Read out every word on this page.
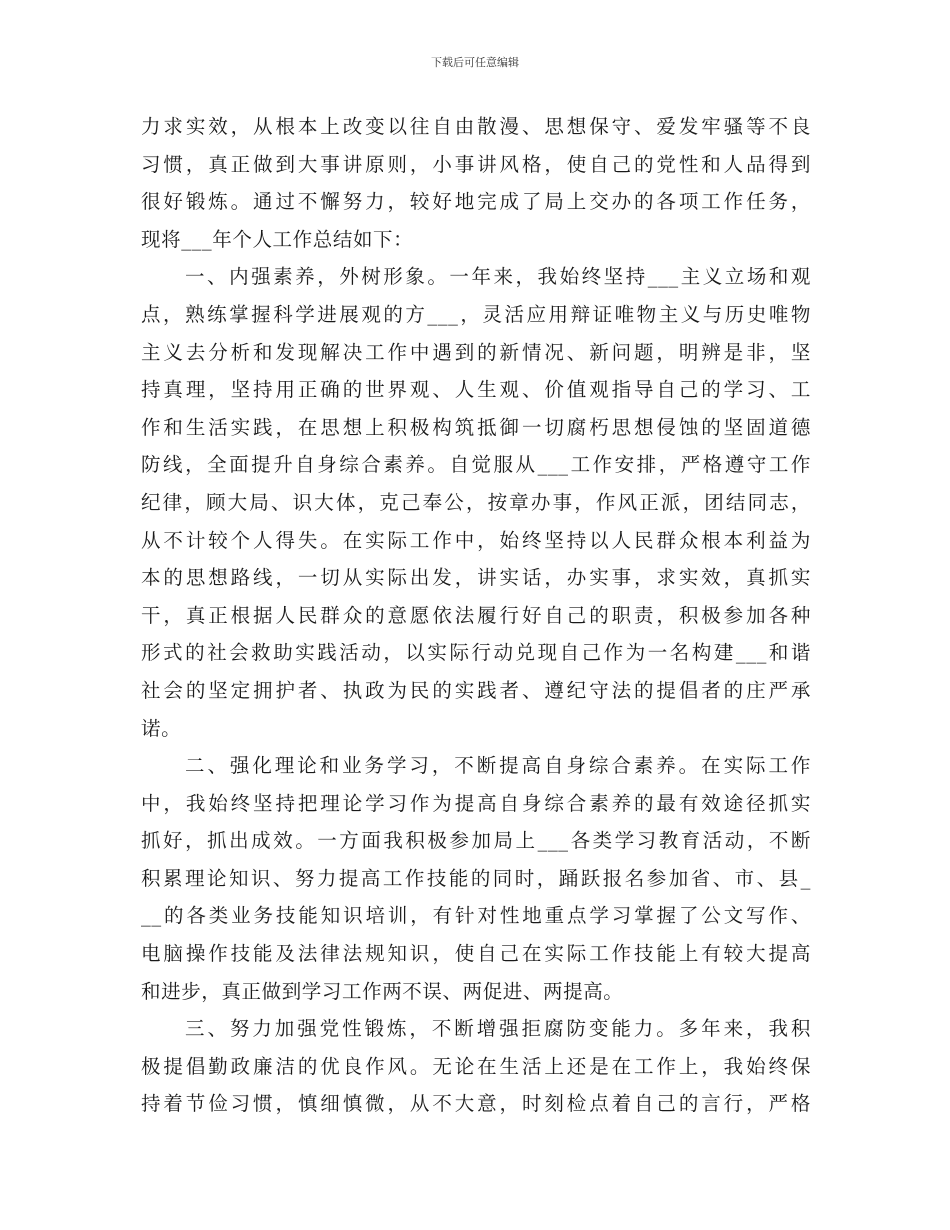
下载后可任意编辑
力求实效，从根本上改变以往自由散漫、思想保守、爱发牢骚等不良
习惯，真正做到大事讲原则，小事讲风格，使自己的党性和人品得到
很好锻炼。通过不懈努力，较好地完成了局上交办的各项工作任务，
现将___年个人工作总结如下：
一、内强素养，外树形象。一年来，我始终坚持___主义立场和观
点，熟练掌握科学进展观的方___，灵活应用辩证唯物主义与历史唯物
主义去分析和发现解决工作中遇到的新情况、新问题，明辨是非，坚
持真理，坚持用正确的世界观、人生观、价值观指导自己的学习、工
作和生活实践，在思想上积极构筑抵御一切腐朽思想侵蚀的坚固道德
防线，全面提升自身综合素养。自觉服从___工作安排，严格遵守工作
纪律，顾大局、识大体，克己奉公，按章办事，作风正派，团结同志，
从不计较个人得失。在实际工作中，始终坚持以人民群众根本利益为
本的思想路线，一切从实际出发，讲实话，办实事，求实效，真抓实
干，真正根据人民群众的意愿依法履行好自己的职责，积极参加各种
形式的社会救助实践活动，以实际行动兑现自己作为一名构建___和谐
社会的坚定拥护者、执政为民的实践者、遵纪守法的提倡者的庄严承
诺。
二、强化理论和业务学习，不断提高自身综合素养。在实际工作
中，我始终坚持把理论学习作为提高自身综合素养的最有效途径抓实
抓好，抓出成效。一方面我积极参加局上___各类学习教育活动，不断
积累理论知识、努力提高工作技能的同时，踊跃报名参加省、市、县_
__的各类业务技能知识培训，有针对性地重点学习掌握了公文写作、
电脑操作技能及法律法规知识，使自己在实际工作技能上有较大提高
和进步，真正做到学习工作两不误、两促进、两提高。
三、努力加强党性锻炼，不断增强拒腐防变能力。多年来，我积
极提倡勤政廉洁的优良作风。无论在生活上还是在工作上，我始终保
持着节俭习惯，慎细慎微，从不大意，时刻检点着自己的言行，严格
